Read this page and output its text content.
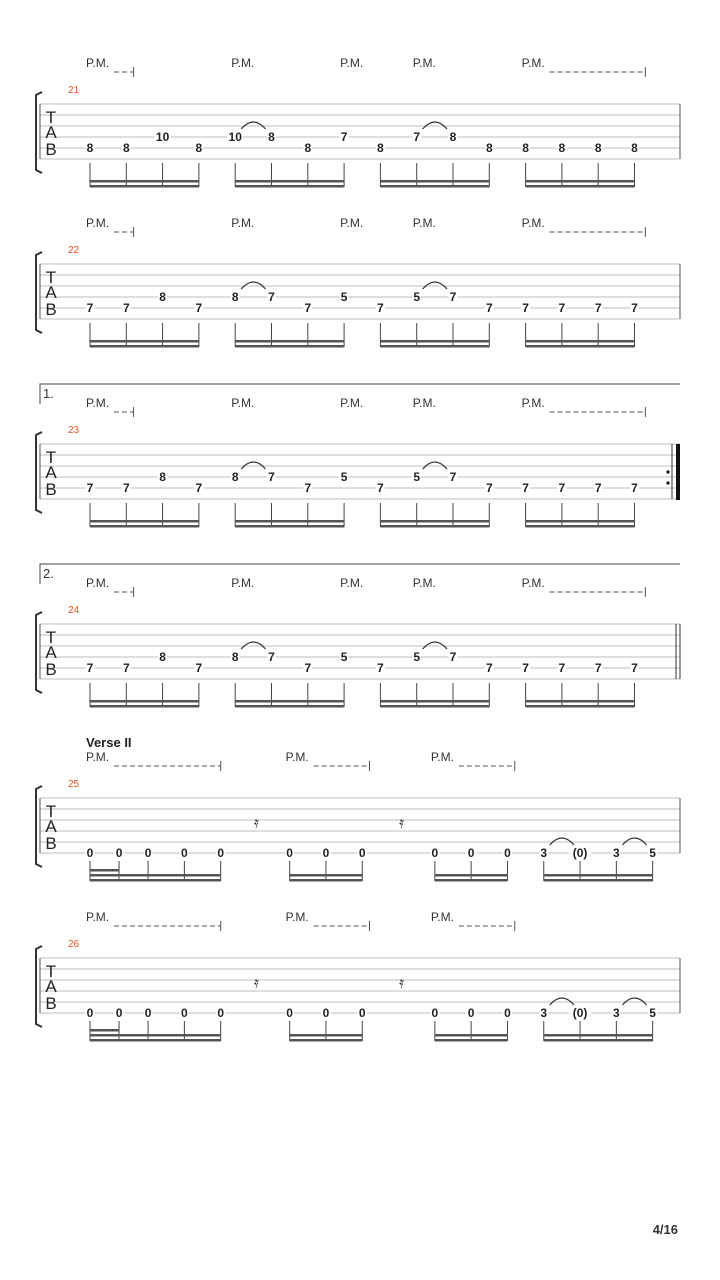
4/16
T
A
B
21
P.M.	P.M.	P.M.	P.M.	P.M.
8 8
10
8
10 8
8
7
8
7 8
8 8 8 8 8
T
A
B
22
P.M.	P.M.	P.M.	P.M.	P.M.
7 7
8
7
8 7
7
5
7
5 7
7 7 7 7 7
T
A
B
23
1.
P.M.	P.M.	P.M.	P.M.	P.M.
7 7
8
7
8 7
7
5
7
5 7
7 7 7 7 7
T
A
B
24
2.
P.M.	P.M.	P.M.	P.M.	P.M.
7 7
8
7
8 7
7
5
7
5 7
7 7 7 7 7
T
A
B
25
Verse II
P.M.	P.M.	P.M.
0 0 0 0 0	0 0 0	0 0 0 3 (0) 3 5
𝄿	𝄿
T
A
B
26
P.M.	P.M.	P.M.
0 0 0 0 0	0 0 0	0 0 0 3 (0) 3 5
𝄿	𝄿
